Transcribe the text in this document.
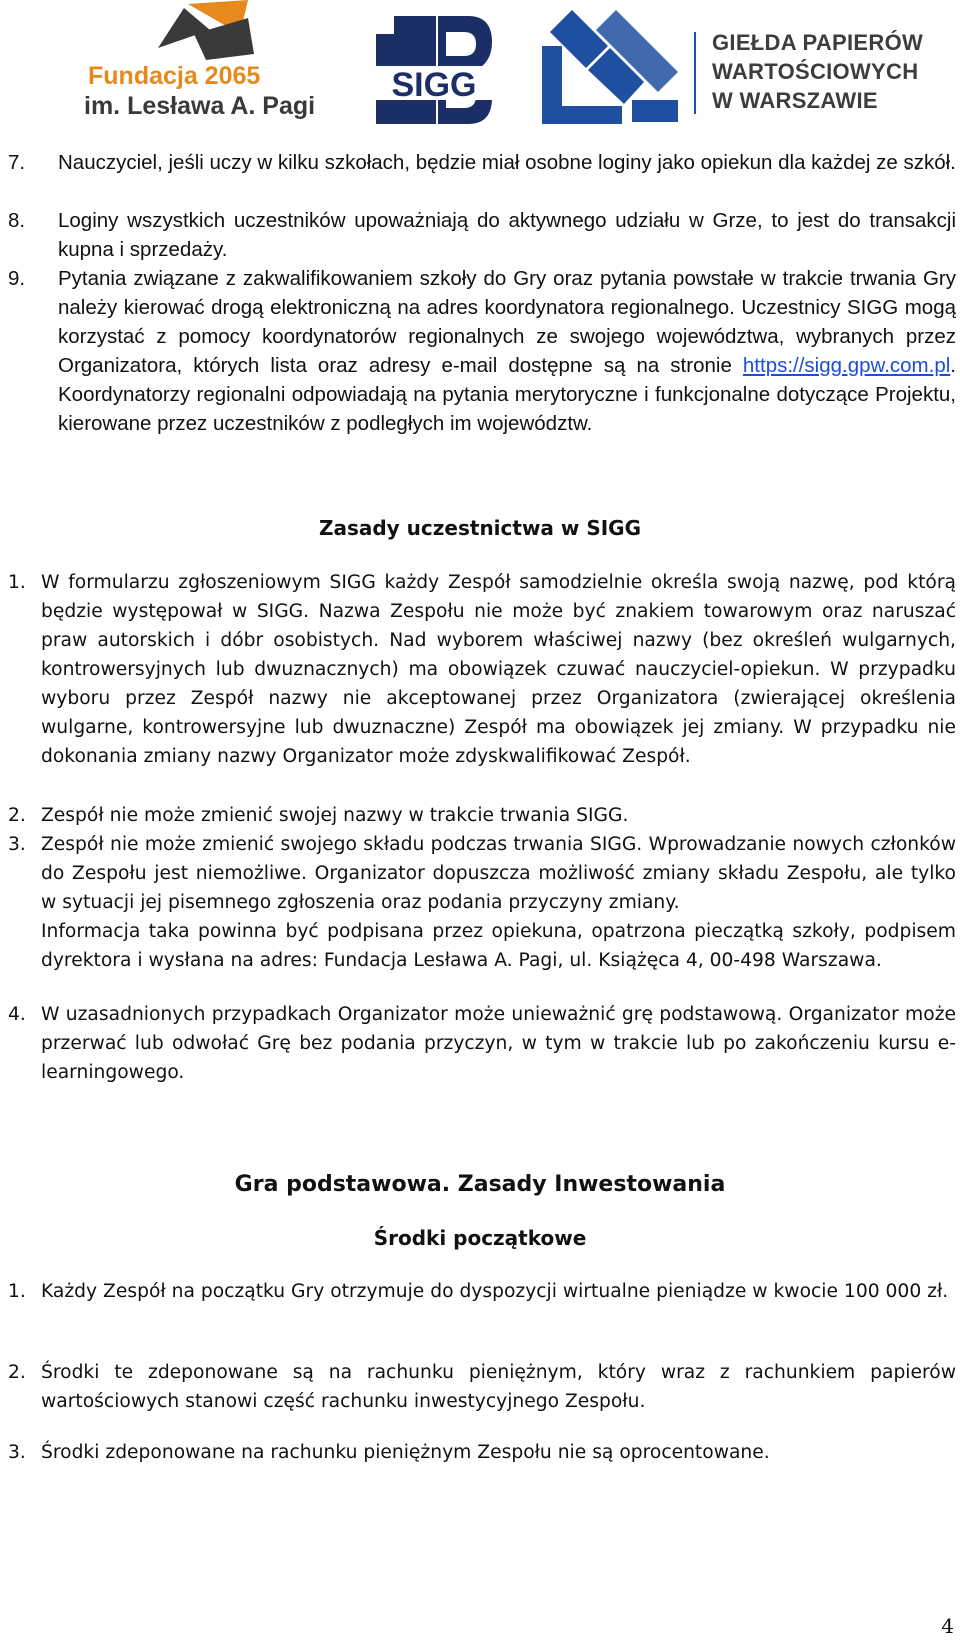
Fundacja 2065
im. Lesława A. Pagi
SIGG
GIEŁDA PAPIERÓW
WARTOŚCIOWYCH
W WARSZAWIE
7. Nauczyciel, jeśli uczy w kilku szkołach, będzie miał osobne loginy jako opiekun dla każdej ze szkół.
8. Loginy wszystkich uczestników upoważniają do aktywnego udziału w Grze, to jest do transakcji kupna i sprzedaży.
9. Pytania związane z zakwalifikowaniem szkoły do Gry oraz pytania powstałe w trakcie trwania Gry należy kierować drogą elektroniczną na adres koordynatora regionalnego. Uczestnicy SIGG mogą korzystać z pomocy koordynatorów regionalnych ze swojego województwa, wybranych przez Organizatora, których lista oraz adresy e-mail dostępne są na stronie https://sigg.gpw.com.pl. Koordynatorzy regionalni odpowiadają na pytania merytoryczne i funkcjonalne dotyczące Projektu, kierowane przez uczestników z podległych im województw.
Zasady uczestnictwa w SIGG
1. W formularzu zgłoszeniowym SIGG każdy Zespół samodzielnie określa swoją nazwę, pod którą będzie występował w SIGG. Nazwa Zespołu nie może być znakiem towarowym oraz naruszać praw autorskich i dóbr osobistych. Nad wyborem właściwej nazwy (bez określeń wulgarnych, kontrowersyjnych lub dwuznacznych) ma obowiązek czuwać nauczyciel-opiekun. W przypadku wyboru przez Zespół nazwy nie akceptowanej przez Organizatora (zwierającej określenia wulgarne, kontrowersyjne lub dwuznaczne) Zespół ma obowiązek jej zmiany. W przypadku nie dokonania zmiany nazwy Organizator może zdyskwalifikować Zespół.
2. Zespół nie może zmienić swojej nazwy w trakcie trwania SIGG.
3. Zespół nie może zmienić swojego składu podczas trwania SIGG. Wprowadzanie nowych członków do Zespołu jest niemożliwe. Organizator dopuszcza możliwość zmiany składu Zespołu, ale tylko w sytuacji jej pisemnego zgłoszenia oraz podania przyczyny zmiany.
Informacja taka powinna być podpisana przez opiekuna, opatrzona pieczątką szkoły, podpisem dyrektora i wysłana na adres: Fundacja Lesława A. Pagi, ul. Książęca 4, 00-498 Warszawa.
4. W uzasadnionych przypadkach Organizator może unieważnić grę podstawową. Organizator może przerwać lub odwołać Grę bez podania przyczyn, w tym w trakcie lub po zakończeniu kursu e-learningowego.
Gra podstawowa. Zasady Inwestowania
Środki początkowe
1. Każdy Zespół na początku Gry otrzymuje do dyspozycji wirtualne pieniądze w kwocie 100 000 zł.
2. Środki te zdeponowane są na rachunku pieniężnym, który wraz z rachunkiem papierów wartościowych stanowi część rachunku inwestycyjnego Zespołu.
3. Środki zdeponowane na rachunku pieniężnym Zespołu nie są oprocentowane.
4
